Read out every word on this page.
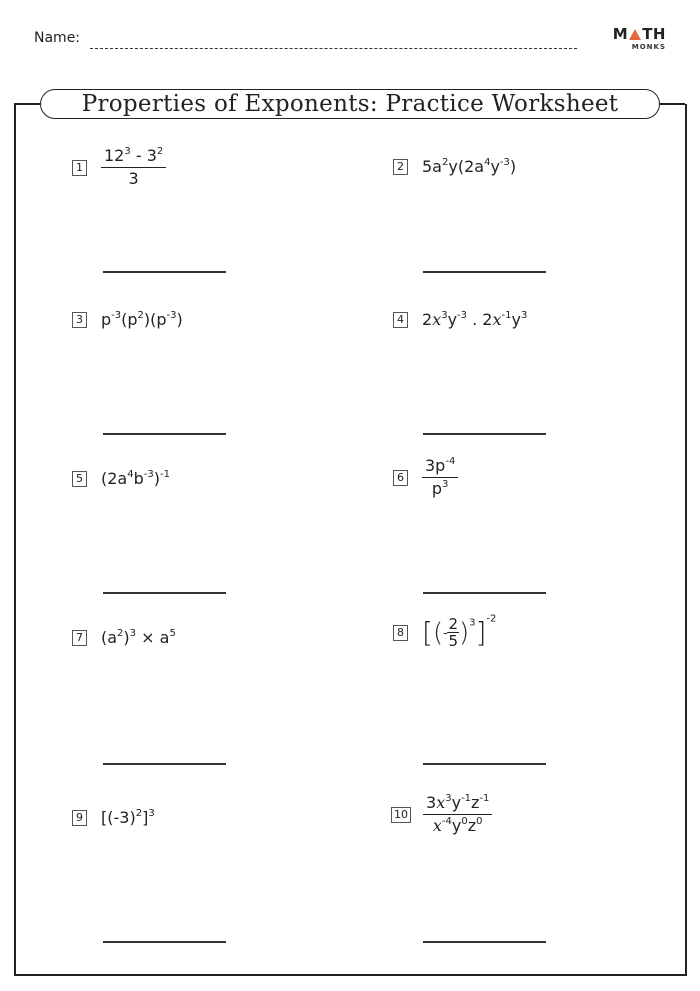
Name:	M TH
MONKS
Properties of Exponents: Practice Worksheet
$1 \frac{12^3 - 3^2}{3}$	2 $5a^2y(2a^4y^{-3})$
3 $p^{-3}(p^2)(p^{-3})$	4 $2x^3y^{-3}$ . $2x^{-1}y^3$
5 $(2a^4b^{-3})^{-1}$	$6 \frac{3p^{-4}}{p^3}$
7 $(a^2)^3 \times a^5$	8 [(- $\frac{2}{5} )^3]^{-2}$
9 $[(-3)^2]^3$	$10 \frac{3x^3y^{-1}z^{-1}}{x^{-4}y^0z^0}$
